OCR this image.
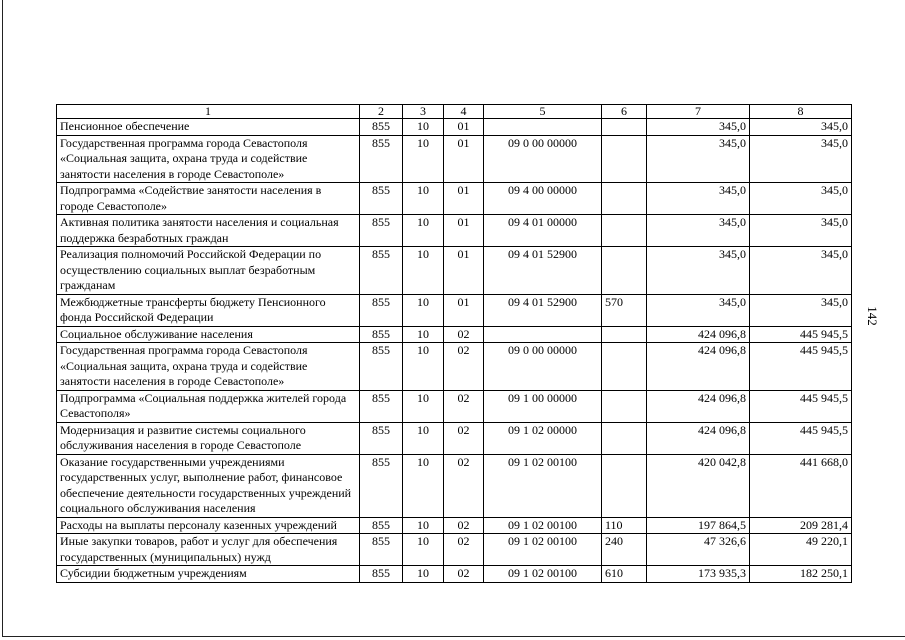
142
1	2	3	4	5	6	7	8
Пенсионное обеспечение	855	10	01			345,0	345,0
Государственная программа города Севастополя «Социальная защита, охрана труда и содействие занятости населения в городе Севастополе»	855	10	01	09 0 00 00000		345,0	345,0
Подпрограмма «Содействие занятости населения в городе Севастополе»	855	10	01	09 4 00 00000		345,0	345,0
Активная политика занятости населения и социальная поддержка безработных граждан	855	10	01	09 4 01 00000		345,0	345,0
Реализация полномочий Российской Федерации по осуществлению социальных выплат безработным гражданам	855	10	01	09 4 01 52900		345,0	345,0
Межбюджетные трансферты бюджету Пенсионного фонда Российской Федерации	855	10	01	09 4 01 52900	570	345,0	345,0
Социальное обслуживание населения	855	10	02			424 096,8	445 945,5
Государственная программа города Севастополя «Социальная защита, охрана труда и содействие занятости населения в городе Севастополе»	855	10	02	09 0 00 00000		424 096,8	445 945,5
Подпрограмма «Социальная поддержка жителей города Севастополя»	855	10	02	09 1 00 00000		424 096,8	445 945,5
Модернизация и развитие системы социального обслуживания населения в городе Севастополе	855	10	02	09 1 02 00000		424 096,8	445 945,5
Оказание государственными учреждениями государственных услуг, выполнение работ, финансовое обеспечение деятельности государственных учреждений социального обслуживания населения	855	10	02	09 1 02 00100		420 042,8	441 668,0
Расходы на выплаты персоналу казенных учреждений	855	10	02	09 1 02 00100	110	197 864,5	209 281,4
Иные закупки товаров, работ и услуг для обеспечения государственных (муниципальных) нужд	855	10	02	09 1 02 00100	240	47 326,6	49 220,1
Субсидии бюджетным учреждениям	855	10	02	09 1 02 00100	610	173 935,3	182 250,1
